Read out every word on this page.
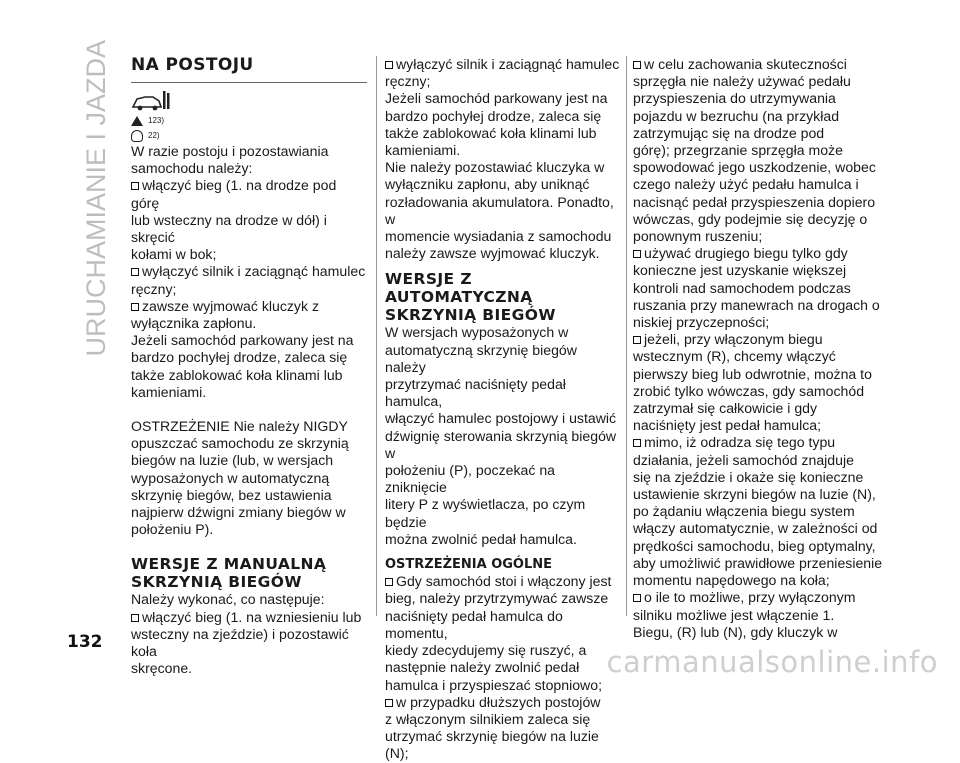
URUCHAMIANIE I JAZDA
132
carmanualsonline.info
NA POSTOJU
123)
22)

W razie postoju i pozostawiania
samochodu należy:

włączyć bieg (1. na drodze pod górę
lub wsteczny na drodze w dół) i skręcić
kołami w bok;

wyłączyć silnik i zaciągnąć hamulec
ręczny;

zawsze wyjmować kluczyk z
wyłącznika zapłonu.

Jeżeli samochód parkowany jest na
bardzo pochyłej drodze, zaleca się
także zablokować koła klinami lub
kamieniami.

OSTRZEŻENIE Nie należy NIGDY
opuszczać samochodu ze skrzynią
biegów na luzie (lub, w wersjach
wyposażonych w automatyczną
skrzynię biegów, bez ustawienia
najpierw dźwigni zmiany biegów w
położeniu P).

WERSJE Z MANUALNĄ
SKRZYNIĄ BIEGÓW

Należy wykonać, co następuje:

włączyć bieg (1. na wzniesieniu lub
wsteczny na zjeździe) i pozostawić koła
skręcone.

wyłączyć silnik i zaciągnąć hamulec
ręczny;

Jeżeli samochód parkowany jest na
bardzo pochyłej drodze, zaleca się
także zablokować koła klinami lub
kamieniami.

Nie należy pozostawiać kluczyka w
wyłączniku zapłonu, aby uniknąć
rozładowania akumulatora. Ponadto, w
momencie wysiadania z samochodu
należy zawsze wyjmować kluczyk.

WERSJE Z
AUTOMATYCZNĄ
SKRZYNIĄ BIEGÓW

W wersjach wyposażonych w
automatyczną skrzynię biegów należy
przytrzymać naciśnięty pedał hamulca,
włączyć hamulec postojowy i ustawić
dźwignię sterowania skrzynią biegów w
położeniu (P), poczekać na zniknięcie
litery P z wyświetlacza, po czym będzie
można zwolnić pedał hamulca.

OSTRZEŻENIA OGÓLNE

Gdy samochód stoi i włączony jest
bieg, należy przytrzymywać zawsze
naciśnięty pedał hamulca do momentu,
kiedy zdecydujemy się ruszyć, a
następnie należy zwolnić pedał
hamulca i przyspieszać stopniowo;

w przypadku dłuższych postojów
z włączonym silnikiem zaleca się
utrzymać skrzynię biegów na luzie (N);

w celu zachowania skuteczności
sprzęgła nie należy używać pedału
przyspieszenia do utrzymywania
pojazdu w bezruchu (na przykład
zatrzymując się na drodze pod
górę); przegrzanie sprzęgła może
spowodować jego uszkodzenie, wobec
czego należy użyć pedału hamulca i
nacisnąć pedał przyspieszenia dopiero
wówczas, gdy podejmie się decyzję o
ponownym ruszeniu;

używać drugiego biegu tylko gdy
konieczne jest uzyskanie większej
kontroli nad samochodem podczas
ruszania przy manewrach na drogach o
niskiej przyczepności;

jeżeli, przy włączonym biegu
wstecznym (R), chcemy włączyć
pierwszy bieg lub odwrotnie, można to
zrobić tylko wówczas, gdy samochód
zatrzymał się całkowicie i gdy
naciśnięty jest pedał hamulca;

mimo, iż odradza się tego typu
działania, jeżeli samochód znajduje
się na zjeździe i okaże się konieczne
ustawienie skrzyni biegów na luzie (N),
po żądaniu włączenia biegu system
włączy automatycznie, w zależności od
prędkości samochodu, bieg optymalny,
aby umożliwić prawidłowe przeniesienie
momentu napędowego na koła;

o ile to możliwe, przy wyłączonym
silniku możliwe jest włączenie 1.

Biegu, (R) lub (N), gdy kluczyk w
